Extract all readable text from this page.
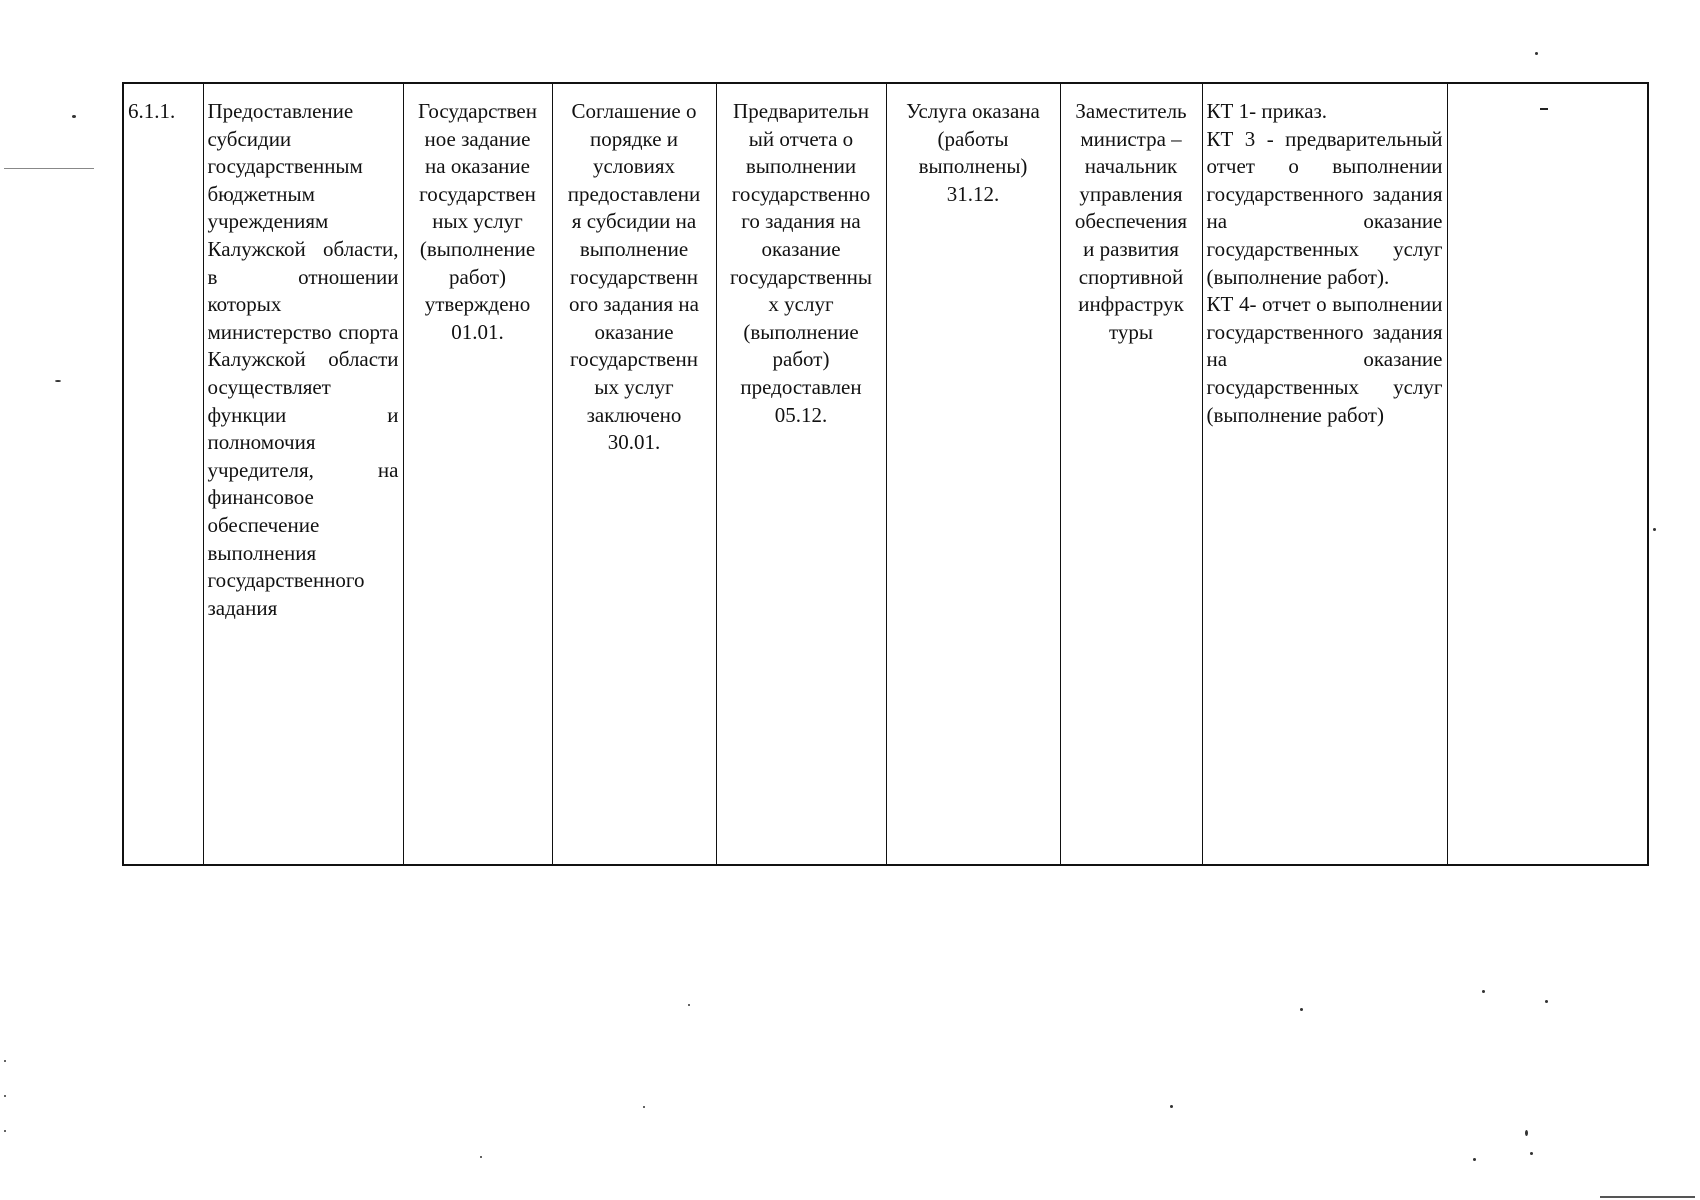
6.1.1.	Предоставление субсидии государственным бюджетным учреждениям Калужской области, в отношении которых министерство спорта Калужской области осуществляет функции и полномочия учредителя, на финансовое обеспечение выполнения государственного задания	Государствен
ное задание
на оказание
государствен
ных услуг
(выполнение
работ)
утверждено
01.01.	Соглашение о
порядке и
условиях
предоставлени
я субсидии на
выполнение
государственн
ого задания на
оказание
государственн
ых услуг
заключено
30.01.	Предварительн
ый отчета о
выполнении
государственно
го задания на
оказание
государственны
х услуг
(выполнение
работ)
предоставлен
05.12.	Услуга оказана
(работы
выполнены)
31.12.	Заместитель
министра –
начальник
управления
обеспечения
и развития
спортивной
инфраструк
туры	КТ 1- приказ.
КТ 3 - предварительный отчет о выполнении государственного задания на оказание государственных услуг (выполнение работ).
КТ 4- отчет о выполнении государственного задания на оказание государственных услуг (выполнение работ)	
